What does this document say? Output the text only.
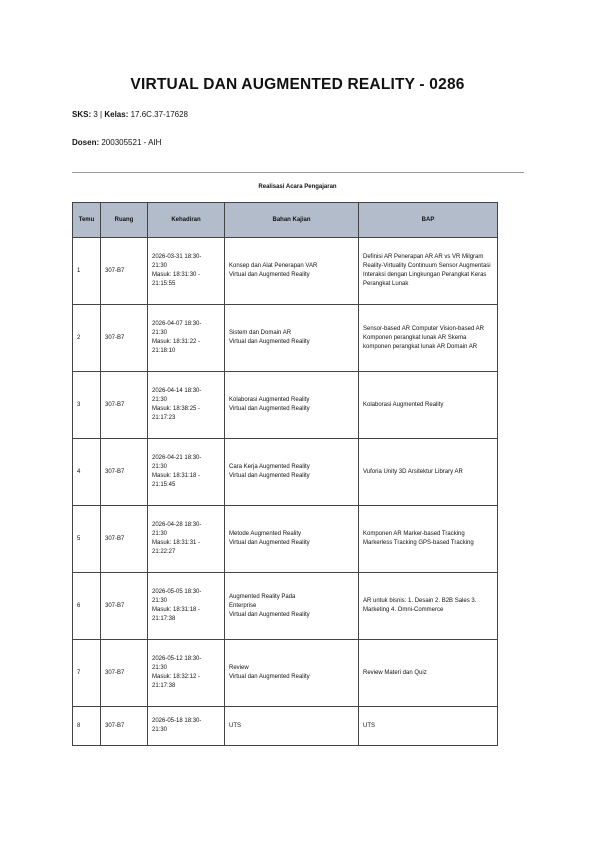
VIRTUAL DAN AUGMENTED REALITY - 0286
SKS: 3 | Kelas: 17.6C.37-17628
Dosen: 200305521 - AIH
Realisasi Acara Pengajaran
Temu	Ruang	Kehadiran	Bahan Kajian	BAP
1	307-B7	2026-03-31 18:30-
21:30
Masuk: 18:31:30 -
21:15:55	Konsep dan Alat Penerapan VAR
Virtual dan Augmented Reality	Definisi AR Penerapan AR AR vs VR Milgram Reality-Virtuality Continuum Sensor Augmentasi Interaksi dengan Lingkungan Perangkat Keras Perangkat Lunak
2	307-B7	2026-04-07 18:30-
21:30
Masuk: 18:31:22 -
21:18:10	Sistem dan Domain AR
Virtual dan Augmented Reality	Sensor-based AR Computer Vision-based AR Komponen perangkat lunak AR Skema komponen perangkat lunak AR Domain AR
3	307-B7	2026-04-14 18:30-
21:30
Masuk: 18:38:25 -
21:17:23	Kolaborasi Augmented Reality
Virtual dan Augmented Reality	Kolaborasi Augmented Reality
4	307-B7	2026-04-21 18:30-
21:30
Masuk: 18:31:18 -
21:15:45	Cara Kerja Augmented Reality
Virtual dan Augmented Reality	Vuforia Unity 3D Arsitektur Library AR
5	307-B7	2026-04-28 18:30-
21:30
Masuk: 18:31:31 -
21:22:27	Metode Augmented Reality
Virtual dan Augmented Reality	Komponen AR Marker-based Tracking Markerless Tracking GPS-based Tracking
6	307-B7	2026-05-05 18:30-
21:30
Masuk: 18:31:18 -
21:17:38	Augmented Reality Pada
Enterprise
Virtual dan Augmented Reality	AR untuk bisnis: 1. Desain 2. B2B Sales 3. Marketing 4. Omni-Commerce
7	307-B7	2026-05-12 18:30-
21:30
Masuk: 18:32:12 -
21:17:38	Review
Virtual dan Augmented Reality	Review Materi dan Quiz
8	307-B7	2026-05-18 18:30-
21:30	UTS	UTS
